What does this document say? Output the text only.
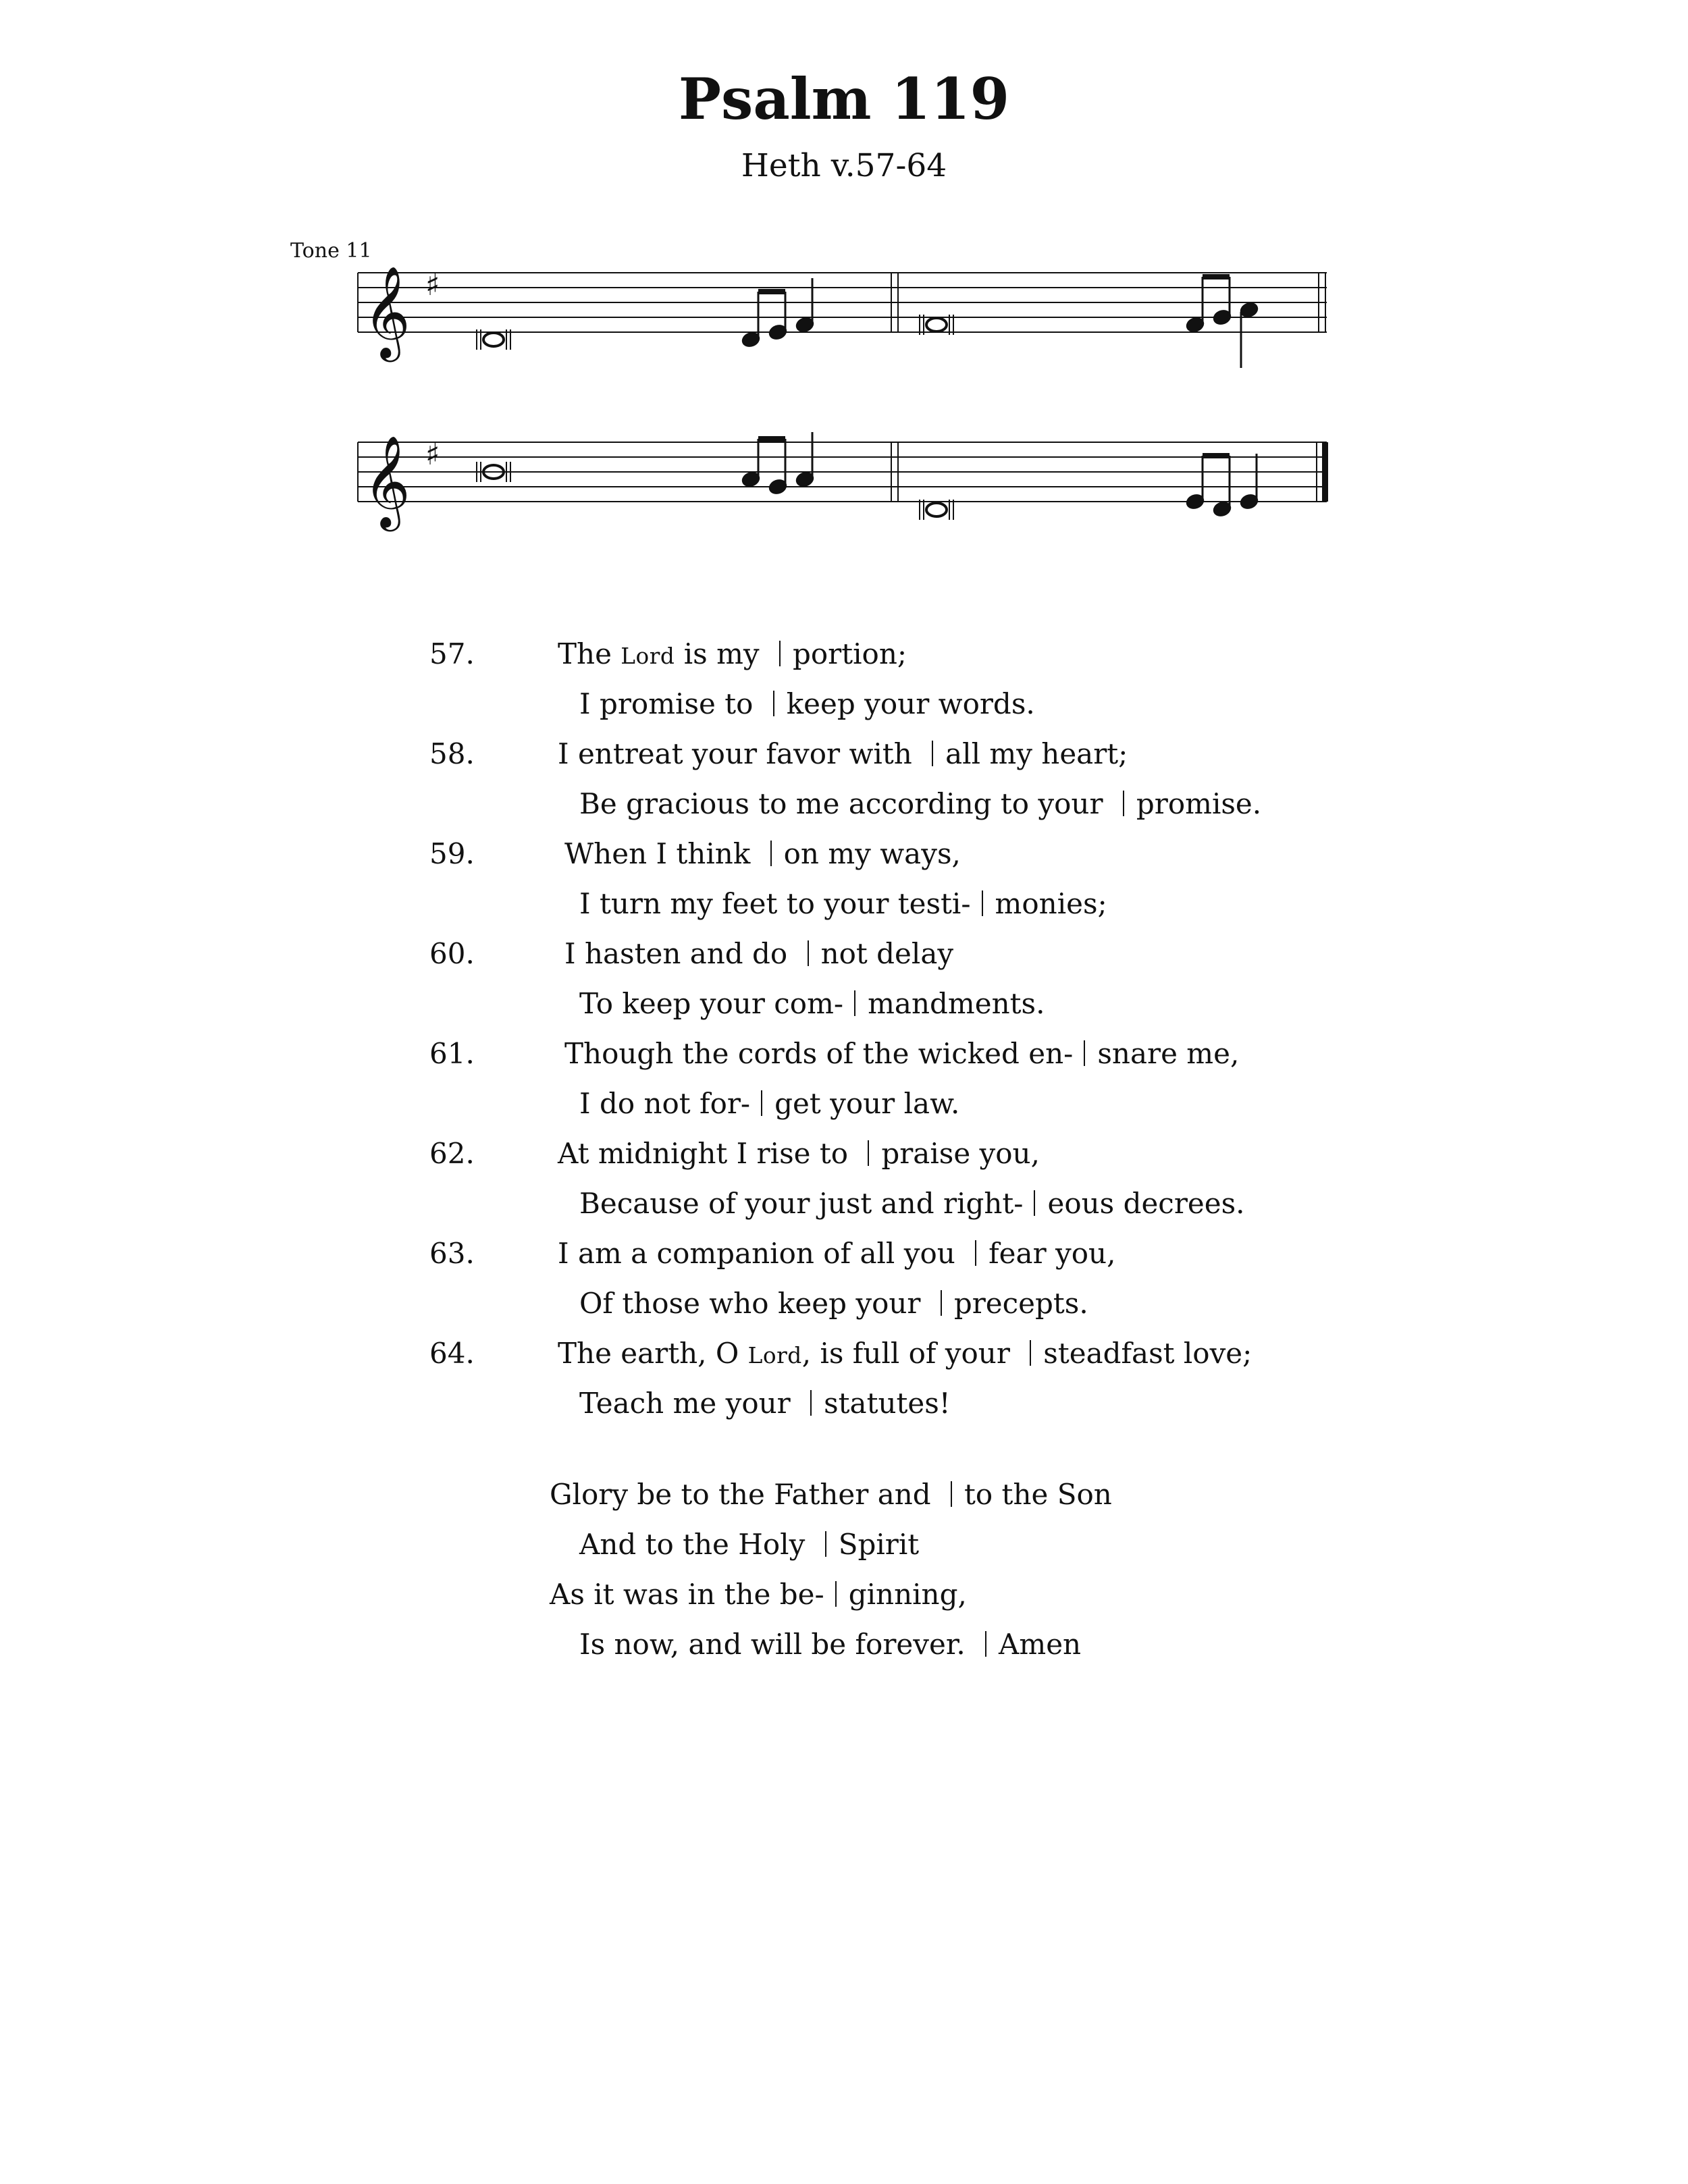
Psalm 119
Heth v.57-64
Tone 11
𝄞 ♯
𝄞 ♯
57.	The Lord is my portion;
I promise to keep your words.
58.	I entreat your favor with all my heart;
Be gracious to me according to your promise.
59.	When I think on my ways,
I turn my feet to your testi- monies;
60.	I hasten and do not delay
To keep your com- mandments.
61.	Though the cords of the wicked en- snare me,
I do not for- get your law.
62.	At midnight I rise to praise you,
Because of your just and right- eous decrees.
63.	I am a companion of all you fear you,
Of those who keep your precepts.
64.	The earth, O Lord, is full of your steadfast love;
Teach me your statutes!
Glory be to the Father and to the Son
And to the Holy Spirit
As it was in the be- ginning,
Is now, and will be forever. Amen
